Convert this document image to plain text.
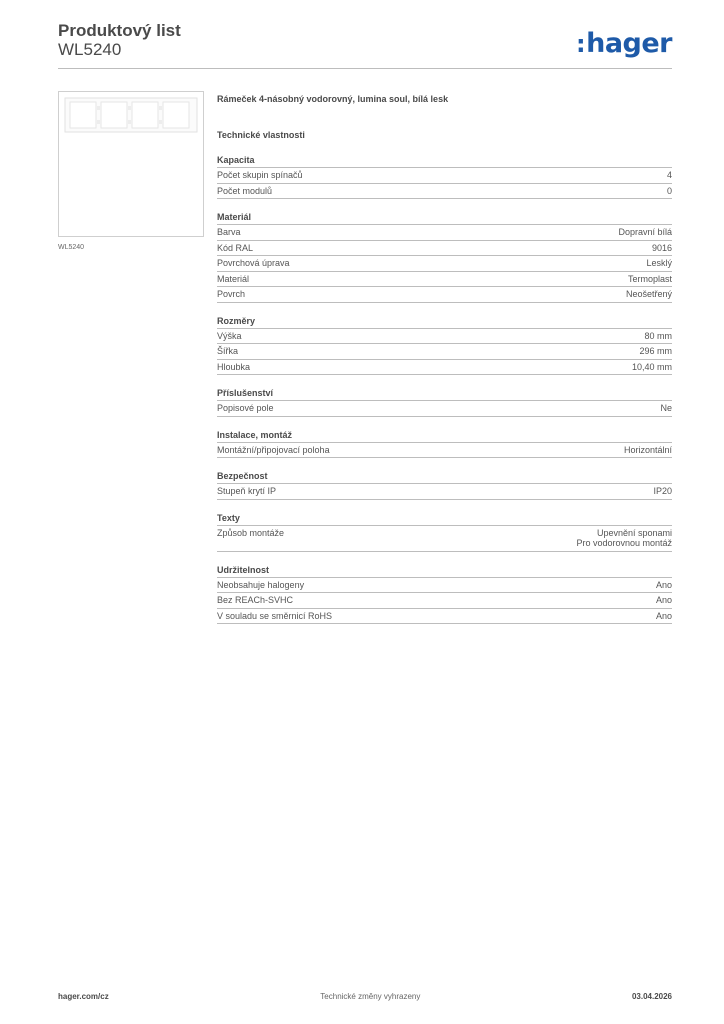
Produktový list
WL5240	:hager
WL5240
Rámeček 4-násobný vodorovný, lumina soul, bílá lesk
Technické vlastnosti
Kapacita
Počet skupin spínačů	4
Počet modulů	0
Materiál
Barva	Dopravní bílá
Kód RAL	9016
Povrchová úprava	Lesklý
Materiál	Termoplast
Povrch	Neošetřený
Rozměry
Výška	80 mm
Šířka	296 mm
Hloubka	10,40 mm
Příslušenství
Popisové pole	Ne
Instalace, montáž
Montážní/připojovací poloha	Horizontální
Bezpečnost
Stupeň krytí IP	IP20
Texty
Způsob montáže	Upevnění sponami
Pro vodorovnou montáž
Udržitelnost
Neobsahuje halogeny	Ano
Bez REACh-SVHC	Ano
V souladu se směrnicí RoHS	Ano
hager.com/cz	Technické změny vyhrazeny	03.04.2026
